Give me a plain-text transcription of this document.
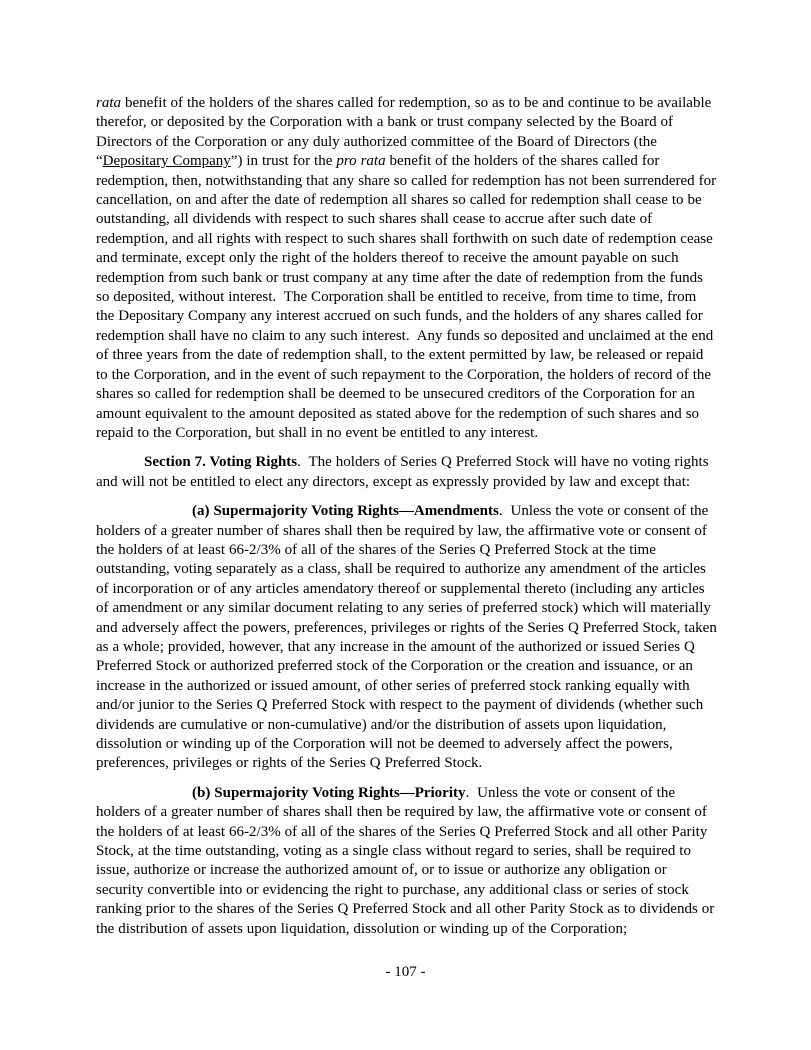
rata benefit of the holders of the shares called for redemption, so as to be and continue to be available therefor, or deposited by the Corporation with a bank or trust company selected by the Board of Directors of the Corporation or any duly authorized committee of the Board of Directors (the “Depositary Company”) in trust for the pro rata benefit of the holders of the shares called for redemption, then, notwithstanding that any share so called for redemption has not been surrendered for cancellation, on and after the date of redemption all shares so called for redemption shall cease to be outstanding, all dividends with respect to such shares shall cease to accrue after such date of redemption, and all rights with respect to such shares shall forthwith on such date of redemption cease and terminate, except only the right of the holders thereof to receive the amount payable on such redemption from such bank or trust company at any time after the date of redemption from the funds so deposited, without interest.  The Corporation shall be entitled to receive, from time to time, from the Depositary Company any interest accrued on such funds, and the holders of any shares called for redemption shall have no claim to any such interest.  Any funds so deposited and unclaimed at the end of three years from the date of redemption shall, to the extent permitted by law, be released or repaid to the Corporation, and in the event of such repayment to the Corporation, the holders of record of the shares so called for redemption shall be deemed to be unsecured creditors of the Corporation for an amount equivalent to the amount deposited as stated above for the redemption of such shares and so repaid to the Corporation, but shall in no event be entitled to any interest.

Section 7. Voting Rights.  The holders of Series Q Preferred Stock will have no voting rights and will not be entitled to elect any directors, except as expressly provided by law and except that:

(a) Supermajority Voting Rights—Amendments.  Unless the vote or consent of the holders of a greater number of shares shall then be required by law, the affirmative vote or consent of the holders of at least 66-2/3% of all of the shares of the Series Q Preferred Stock at the time outstanding, voting separately as a class, shall be required to authorize any amendment of the articles of incorporation or of any articles amendatory thereof or supplemental thereto (including any articles of amendment or any similar document relating to any series of preferred stock) which will materially and adversely affect the powers, preferences, privileges or rights of the Series Q Preferred Stock, taken as a whole; provided, however, that any increase in the amount of the authorized or issued Series Q Preferred Stock or authorized preferred stock of the Corporation or the creation and issuance, or an increase in the authorized or issued amount, of other series of preferred stock ranking equally with and/or junior to the Series Q Preferred Stock with respect to the payment of dividends (whether such dividends are cumulative or non-cumulative) and/or the distribution of assets upon liquidation, dissolution or winding up of the Corporation will not be deemed to adversely affect the powers, preferences, privileges or rights of the Series Q Preferred Stock.

(b) Supermajority Voting Rights—Priority.  Unless the vote or consent of the holders of a greater number of shares shall then be required by law, the affirmative vote or consent of the holders of at least 66-2/3% of all of the shares of the Series Q Preferred Stock and all other Parity Stock, at the time outstanding, voting as a single class without regard to series, shall be required to issue, authorize or increase the authorized amount of, or to issue or authorize any obligation or security convertible into or evidencing the right to purchase, any additional class or series of stock ranking prior to the shares of the Series Q Preferred Stock and all other Parity Stock as to dividends or the distribution of assets upon liquidation, dissolution or winding up of the Corporation;

- 107 -
